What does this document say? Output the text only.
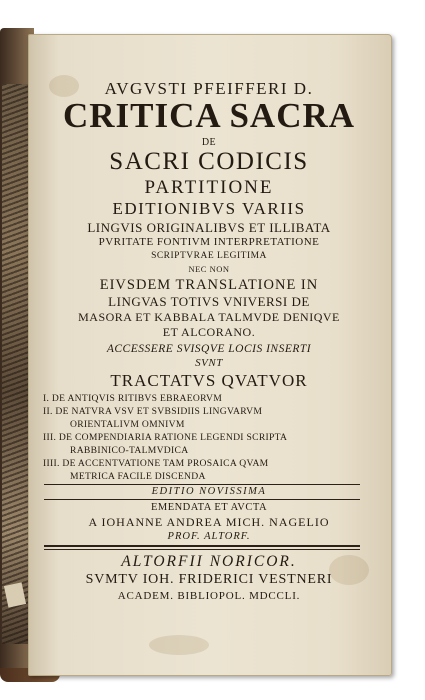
AVGVSTI PFEIFFERI D.
CRITICA SACRA
DE
SACRI CODICIS
PARTITIONE
EDITIONIBVS VARIIS
LINGVIS ORIGINALIBVS ET ILLIBATA
PVRITATE FONTIVM INTERPRETATIONE
SCRIPTVRAE LEGITIMA
NEC NON
EIVSDEM TRANSLATIONE IN
LINGVAS TOTIVS VNIVERSI DE
MASORA ET KABBALA TALMVDE DENIQVE
ET ALCORANO.
ACCESSERE SVISQVE LOCIS INSERTI
SVNT
TRACTATVS QVATVOR
I. DE ANTIQVIS RITIBVS EBRAEORVM
II. DE NATVRA VSV ET SVBSIDIIS LINGVARVM
ORIENTALIVM OMNIVM
III. DE COMPENDIARIA RATIONE LEGENDI SCRIPTA
RABBINICO-TALMVDICA
IIII. DE ACCENTVATIONE TAM PROSAICA QVAM
METRICA FACILE DISCENDA
EDITIO NOVISSIMA
EMENDATA ET AVCTA
A IOHANNE ANDREA MICH. NAGELIO
PROF. ALTORF.
ALTORFII NORICOR.
SVMTV IOH. FRIDERICI VESTNERI
ACADEM. BIBLIOPOL. MDCCLI.
